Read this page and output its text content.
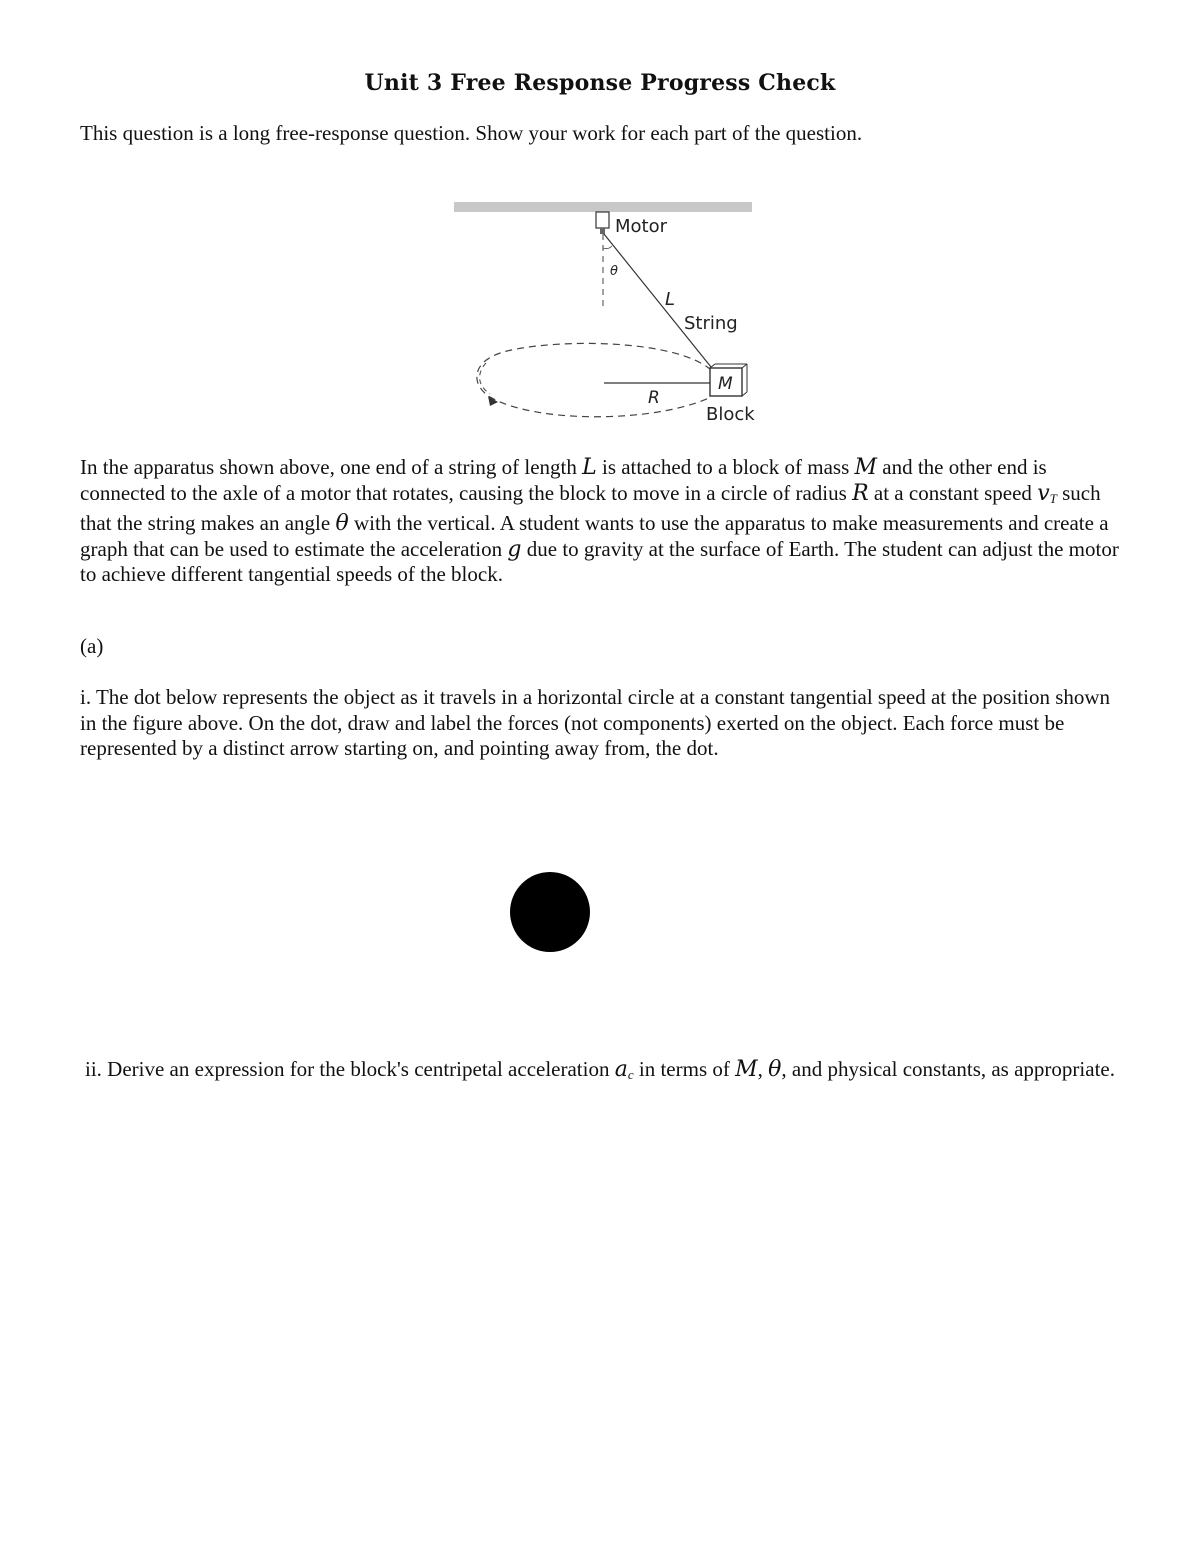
Unit 3 Free Response Progress Check
This question is a long free-response question. Show your work for each part of the question.
Motor
θ
L
String
M
R
Block
In the apparatus shown above, one end of a string of length L is attached to a block of mass M and the other end is connected to the axle of a motor that rotates, causing the block to move in a circle of radius R at a constant speed $v_T$ such that the string makes an angle θ with the vertical. A student wants to use the apparatus to make measurements and create a graph that can be used to estimate the acceleration g due to gravity at the surface of Earth. The student can adjust the motor to achieve different tangential speeds of the block.
(a)
i. The dot below represents the object as it travels in a horizontal circle at a constant tangential speed at the position shown in the figure above. On the dot, draw and label the forces (not components) exerted on the object. Each force must be represented by a distinct arrow starting on, and pointing away from, the dot.
ii. Derive an expression for the block's centripetal acceleration $a_c$ in terms of M, θ, and physical constants, as appropriate.
